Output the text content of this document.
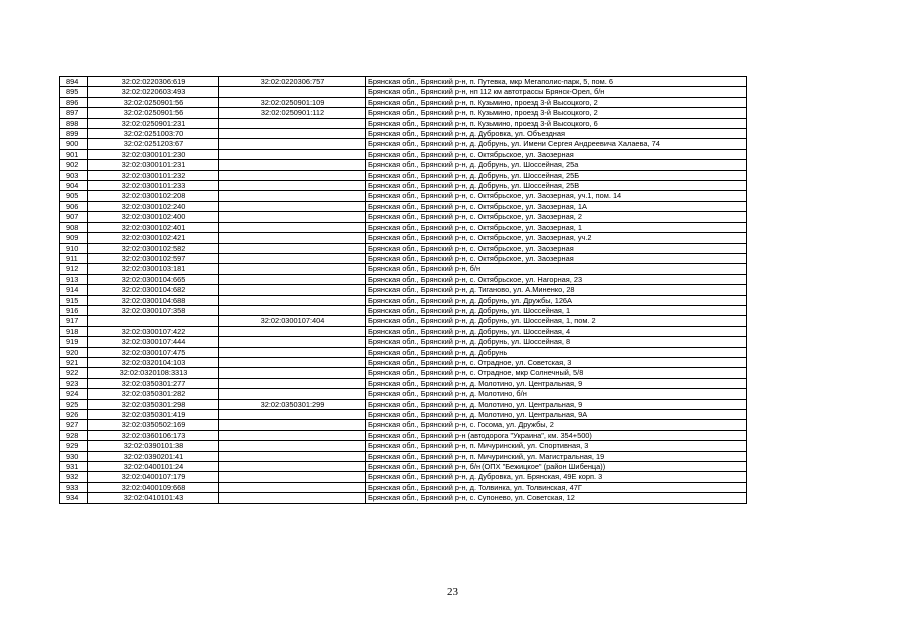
894	32:02:0220306:619	32:02:0220306:757	Брянская обл., Брянский р-н, п. Путевка, мкр Мегаполис-парк, 5, пом. 6
895	32:02:0220603:493		Брянская обл., Брянский р-н, нп 112 км автотрассы Брянск-Орел, б/н
896	32:02:0250901:56	32:02:0250901:109	Брянская обл., Брянский р-н, п. Кузьмино, проезд 3-й Высоцкого, 2
897	32:02:0250901:56	32:02:0250901:112	Брянская обл., Брянский р-н, п. Кузьмино, проезд 3-й Высоцкого, 2
898	32:02:0250901:231		Брянская обл., Брянский р-н, п. Кузьмино, проезд 3-й Высоцкого, 6
899	32:02:0251003:70		Брянская обл., Брянский р-н, д. Дубровка, ул. Объездная
900	32:02:0251203:67		Брянская обл., Брянский р-н, д. Добрунь, ул. Имени Сергея Андреевича Халаева, 74
901	32:02:0300101:230		Брянская обл., Брянский р-н, с. Октябрьское, ул. Заозерная
902	32:02:0300101:231		Брянская обл., Брянский р-н, д. Добрунь, ул. Шоссейная, 25а
903	32:02:0300101:232		Брянская обл., Брянский р-н, д. Добрунь, ул. Шоссейная, 25Б
904	32:02:0300101:233		Брянская обл., Брянский р-н, д. Добрунь, ул. Шоссейная, 25В
905	32:02:0300102:208		Брянская обл., Брянский р-н, с. Октябрьское, ул. Заозерная, уч.1, пом. 14
906	32:02:0300102:240		Брянская обл., Брянский р-н, с. Октябрьское, ул. Заозерная, 1А
907	32:02:0300102:400		Брянская обл., Брянский р-н, с. Октябрьское, ул. Заозерная, 2
908	32:02:0300102:401		Брянская обл., Брянский р-н, с. Октябрьское, ул. Заозерная, 1
909	32:02:0300102:421		Брянская обл., Брянский р-н, с. Октябрьское, ул. Заозерная, уч.2
910	32:02:0300102:582		Брянская обл., Брянский р-н, с. Октябрьское, ул. Заозерная
911	32:02:0300102:597		Брянская обл., Брянский р-н, с. Октябрьское, ул. Заозерная
912	32:02:0300103:181		Брянская обл., Брянский р-н, б/н
913	32:02:0300104:665		Брянская обл., Брянский р-н, с. Октябрьское, ул. Нагорная, 23
914	32:02:0300104:682		Брянская обл., Брянский р-н, д. Тиганово, ул. А.Миненко, 28
915	32:02:0300104:688		Брянская обл., Брянский р-н, д. Добрунь, ул. Дружбы, 126А
916	32:02:0300107:358		Брянская обл., Брянский р-н, д. Добрунь, ул. Шоссейная, 1
917		32:02:0300107:404	Брянская обл., Брянский р-н, д. Добрунь, ул. Шоссейная, 1, пом. 2
918	32:02:0300107:422		Брянская обл., Брянский р-н, д. Добрунь, ул. Шоссейная, 4
919	32:02:0300107:444		Брянская обл., Брянский р-н, д. Добрунь, ул. Шоссейная, 8
920	32:02:0300107:475		Брянская обл., Брянский р-н, д. Добрунь
921	32:02:0320104:103		Брянская обл., Брянский р-н, с. Отрадное, ул. Советская, 3
922	32:02:0320108:3313		Брянская обл., Брянский р-н, с. Отрадное, мкр Солнечный, 5/8
923	32:02:0350301:277		Брянская обл., Брянский р-н, д. Молотино, ул. Центральная, 9
924	32:02:0350301:282		Брянская обл., Брянский р-н, д. Молотино, б/н
925	32:02:0350301:298	32:02:0350301:299	Брянская обл., Брянский р-н, д. Молотино, ул. Центральная, 9
926	32:02:0350301:419		Брянская обл., Брянский р-н, д. Молотино, ул. Центральная, 9А
927	32:02:0350502:169		Брянская обл., Брянский р-н, с. Госома, ул. Дружбы, 2
928	32:02:0360106:173		Брянская обл., Брянский р-н (автодорога "Украина", км. 354+500)
929	32:02:0390101:38		Брянская обл., Брянский р-н, п. Мичуринский, ул. Спортивная, 3
930	32:02:0390201:41		Брянская обл., Брянский р-н, п. Мичуринский, ул. Магистральная, 19
931	32:02:0400101:24		Брянская обл., Брянский р-н, б/н (ОПХ "Бежицкое" (район Шибенца))
932	32:02:0400107:179		Брянская обл., Брянский р-н, д. Дубровка, ул. Брянская, 49Е корп. 3
933	32:02:0400109:668		Брянская обл., Брянский р-н, д. Толвинка, ул. Толвинская, 47Г
934	32:02:0410101:43		Брянская обл., Брянский р-н, с. Супонево, ул. Советская, 12
23
